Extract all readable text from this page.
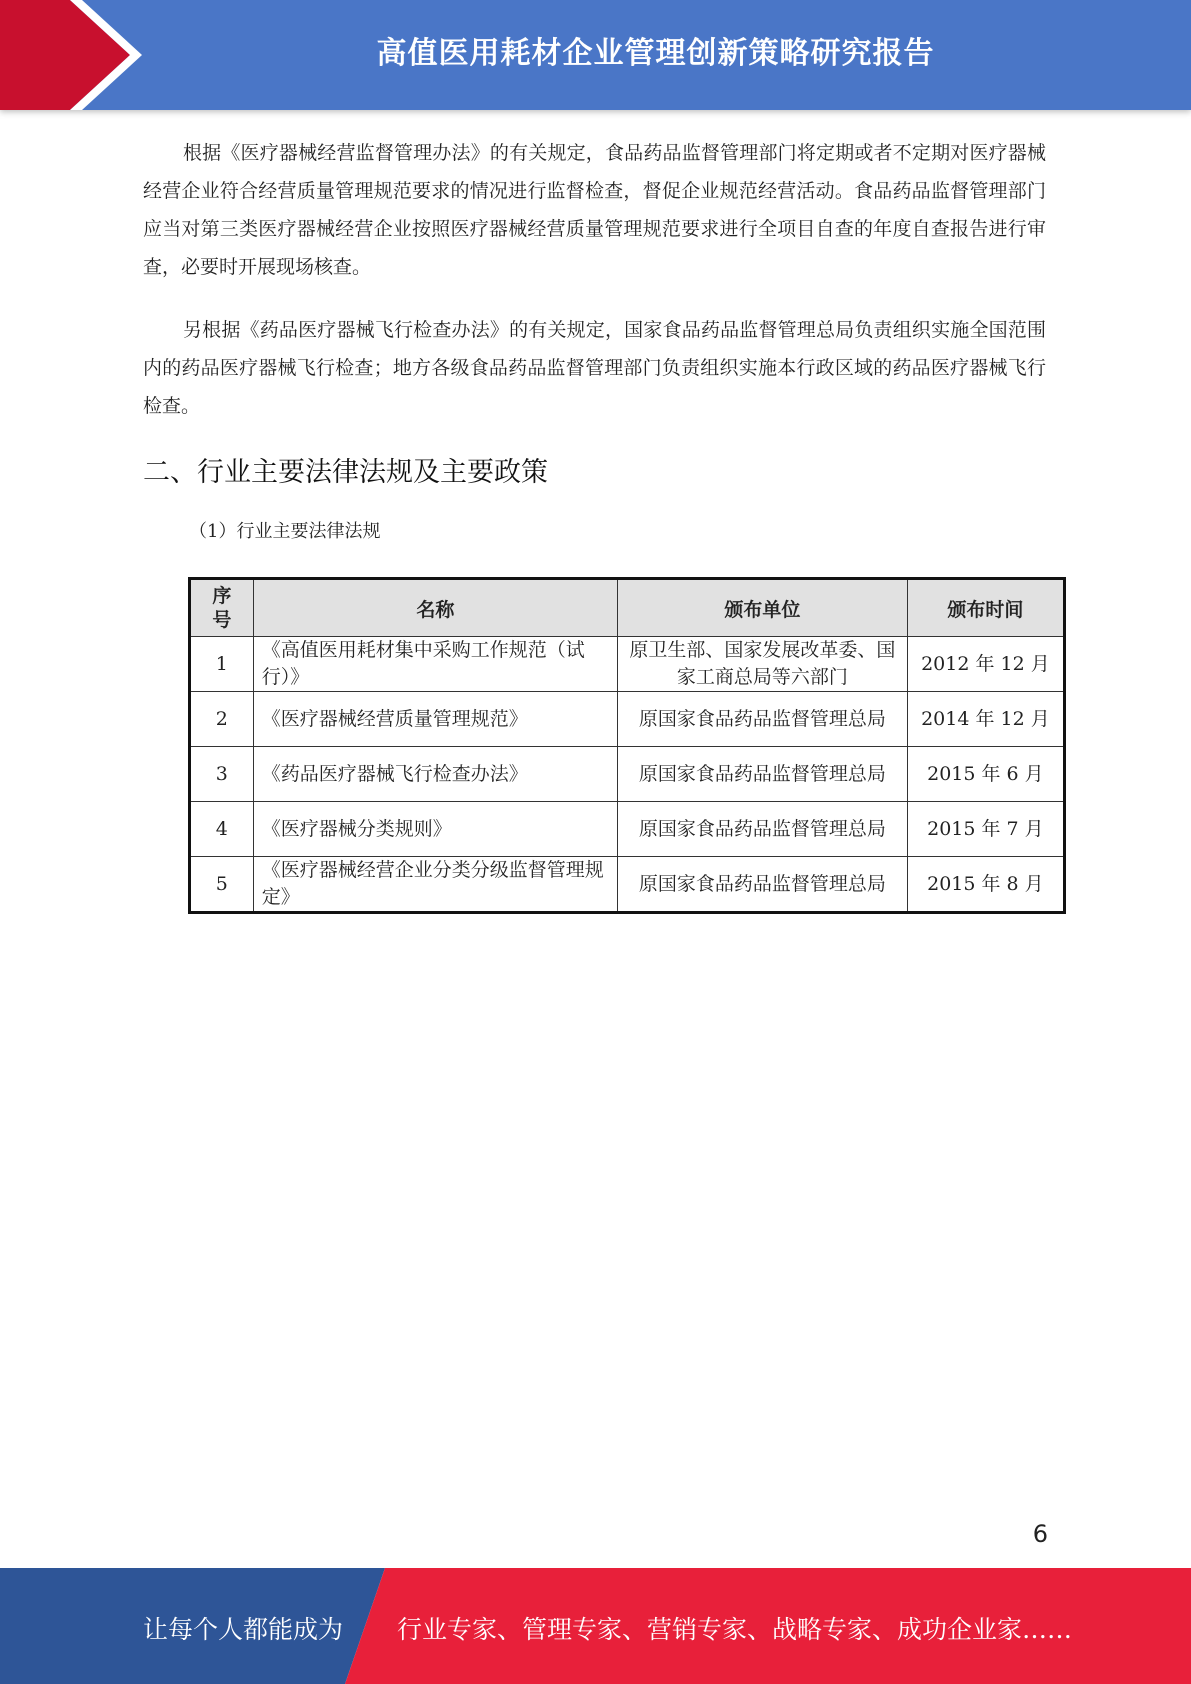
高值医用耗材企业管理创新策略研究报告

根据《医疗器械经营监督管理办法》的有关规定，食品药品监督管理部门将定期或者不定期对医疗器械经营企业符合经营质量管理规范要求的情况进行监督检查，督促企业规范经营活动。食品药品监督管理部门应当对第三类医疗器械经营企业按照医疗器械经营质量管理规范要求进行全项目自查的年度自查报告进行审查，必要时开展现场核查。

另根据《药品医疗器械飞行检查办法》的有关规定，国家食品药品监督管理总局负责组织实施全国范围内的药品医疗器械飞行检查；地方各级食品药品监督管理部门负责组织实施本行政区域的药品医疗器械飞行检查。

二、行业主要法律法规及主要政策
（1）行业主要法律法规
序号	名称	颁布单位	颁布时间
1	《高值医用耗材集中采购工作规范（试行）》	原卫生部、国家发展改革委、国家工商总局等六部门	2012 年 12 月
2	《医疗器械经营质量管理规范》	原国家食品药品监督管理总局	2014 年 12 月
3	《药品医疗器械飞行检查办法》	原国家食品药品监督管理总局	2015 年 6 月
4	《医疗器械分类规则》	原国家食品药品监督管理总局	2015 年 7 月
5	《医疗器械经营企业分类分级监督管理规定》	原国家食品药品监督管理总局	2015 年 8 月
6
让每个人都能成为 行业专家、管理专家、营销专家、战略专家、成功企业家……
